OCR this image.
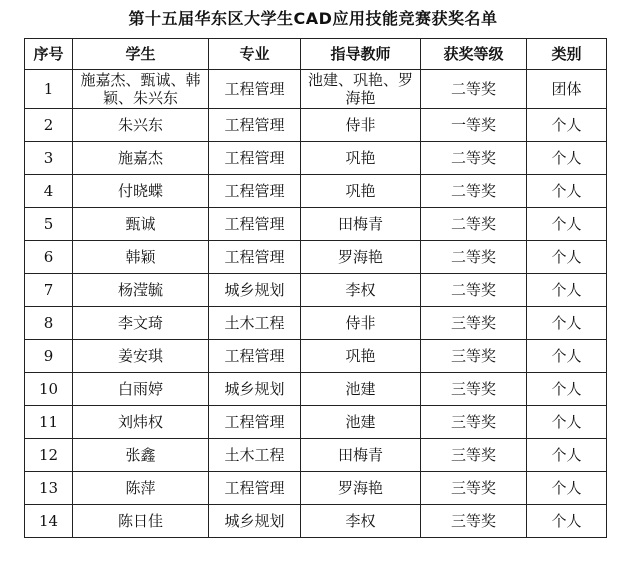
第十五届华东区大学生CAD应用技能竞赛获奖名单
序号	学生	专业	指导教师	获奖等级	类别
1	施嘉杰、甄诚、韩颖、朱兴东	工程管理	池建、巩艳、罗海艳	二等奖	团体
2	朱兴东	工程管理	侍非	一等奖	个人
3	施嘉杰	工程管理	巩艳	二等奖	个人
4	付晓蝶	工程管理	巩艳	二等奖	个人
5	甄诚	工程管理	田梅青	二等奖	个人
6	韩颖	工程管理	罗海艳	二等奖	个人
7	杨滢毓	城乡规划	李权	二等奖	个人
8	李文琦	土木工程	侍非	三等奖	个人
9	姜安琪	工程管理	巩艳	三等奖	个人
10	白雨婷	城乡规划	池建	三等奖	个人
11	刘炜权	工程管理	池建	三等奖	个人
12	张鑫	土木工程	田梅青	三等奖	个人
13	陈萍	工程管理	罗海艳	三等奖	个人
14	陈日佳	城乡规划	李权	三等奖	个人
